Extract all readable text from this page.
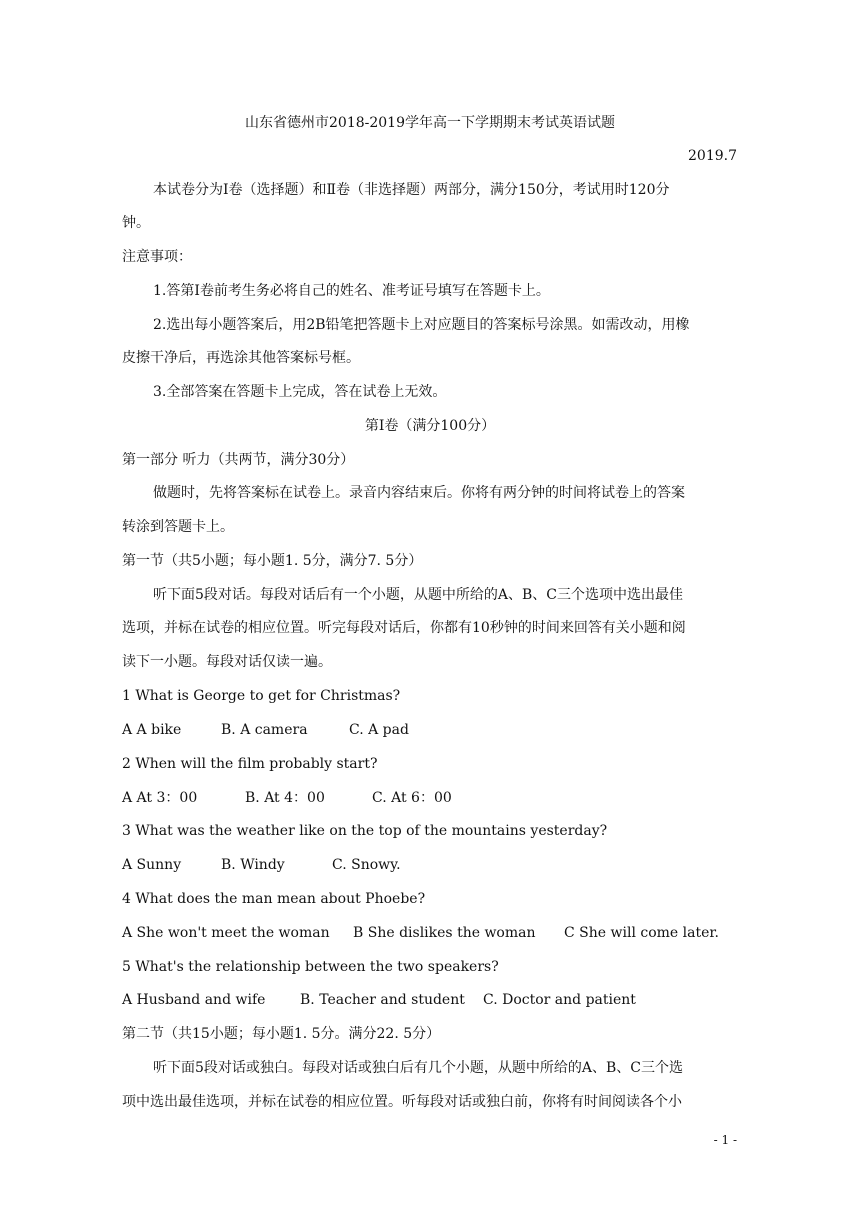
山东省德州市2018-2019学年高一下学期期末考试英语试题
2019.7
本试卷分为Ⅰ卷（选择题）和Ⅱ卷（非选择题）两部分，满分150分，考试用时120分
钟。
注意事项：
1.答第Ⅰ卷前考生务必将自己的姓名、准考证号填写在答题卡上。
2.选出每小题答案后，用2B铅笔把答题卡上对应题目的答案标号涂黑。如需改动，用橡
皮擦干净后，再选涂其他答案标号框。
3.全部答案在答题卡上完成，答在试卷上无效。
第Ⅰ卷（满分100分）
第一部分 听力（共两节，满分30分）
做题时，先将答案标在试卷上。录音内容结束后。你将有两分钟的时间将试卷上的答案
转涂到答题卡上。
第一节（共5小题；每小题1. 5分，满分7. 5分）
听下面5段对话。每段对话后有一个小题，从题中所给的A、B、C三个选项中选出最佳
选项，并标在试卷的相应位置。听完每段对话后，你都有10秒钟的时间来回答有关小题和阅
读下一小题。每段对话仅读一遍。
1 What is George to get for Christmas?
A A bike	B. A camera	C. A pad
2 When will the film probably start?
A At 3：00	B. At 4：00	C. At 6：00
3 What was the weather like on the top of the mountains yesterday?
A Sunny	B. Windy	C. Snowy.
4 What does the man mean about Phoebe?
A She won't meet the woman B She dislikes the woman C She will come later.
5 What's the relationship between the two speakers?
A Husband and wife B. Teacher and student C. Doctor and patient
第二节（共15小题；每小题1. 5分。满分22. 5分）
听下面5段对话或独白。每段对话或独白后有几个小题，从题中所给的A、B、C三个选
项中选出最佳选项，并标在试卷的相应位置。听每段对话或独白前，你将有时间阅读各个小
- 1 -
